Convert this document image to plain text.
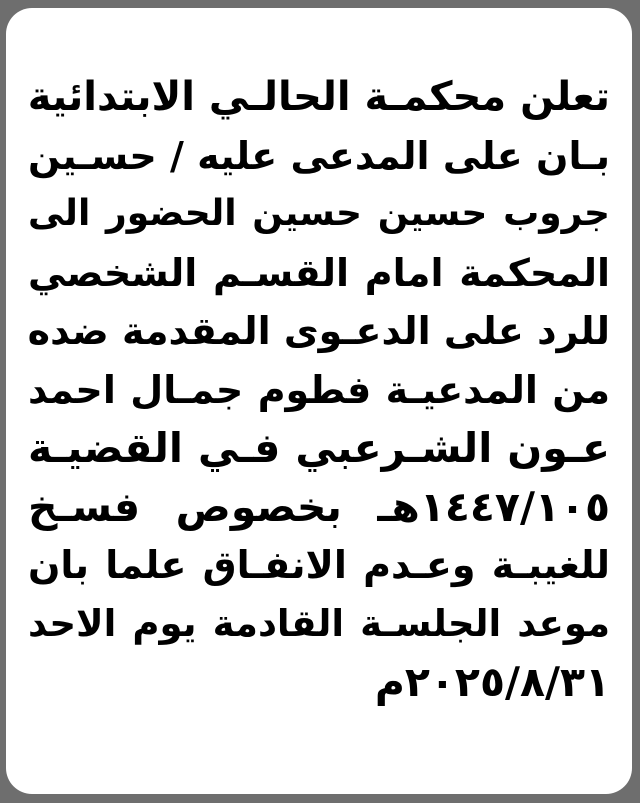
تعلن محكمـة الحالـي الابتدائية
بـان على المدعى عليه / حسـين
جروب حسين حسين الحضور الى
المحكمة امام القسـم الشخصي
للرد على الدعـوى المقدمة ضده
من المدعيـة فطوم جمـال احمد
عـون الشـرعبي فـي القضيـة
١٤٤٧/١٠٥هـ بخصوص فسـخ
للغيبـة وعـدم الانفـاق علما بان
موعد الجلسـة القادمة يوم الاحد
٢٠٢٥/٨/٣١م
